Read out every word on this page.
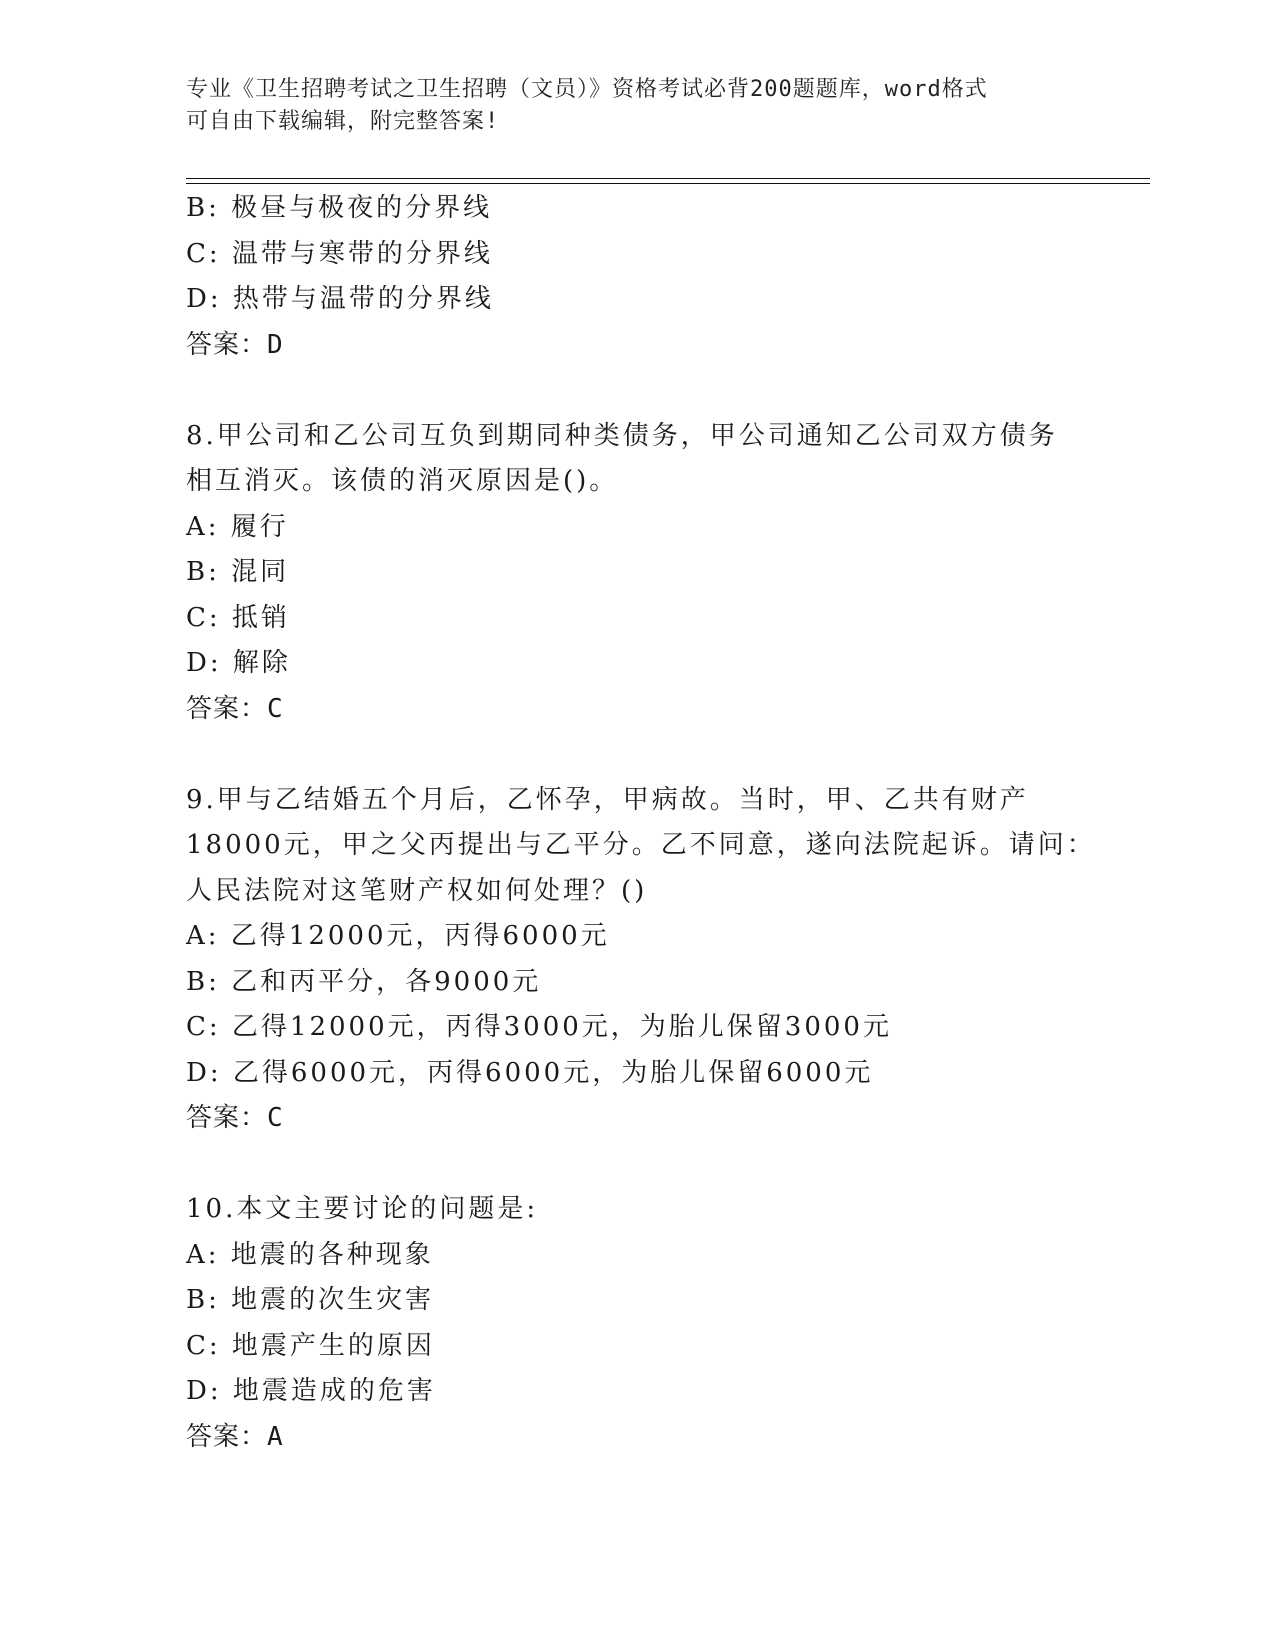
专业《卫生招聘考试之卫生招聘（文员）》资格考试必背200题题库，word格式
可自由下载编辑，附完整答案!
B: 极昼与极夜的分界线
C: 温带与寒带的分界线
D: 热带与温带的分界线
答案：D
8.甲公司和乙公司互负到期同种类债务，甲公司通知乙公司双方债务
相互消灭。该债的消灭原因是()。
A: 履行
B: 混同
C: 抵销
D: 解除
答案：C
9.甲与乙结婚五个月后，乙怀孕，甲病故。当时，甲、乙共有财产
18000元，甲之父丙提出与乙平分。乙不同意，遂向法院起诉。请问：
人民法院对这笔财产权如何处理？()
A: 乙得12000元，丙得6000元
B: 乙和丙平分，各9000元
C: 乙得12000元，丙得3000元，为胎儿保留3000元
D: 乙得6000元，丙得6000元，为胎儿保留6000元
答案：C
10.本文主要讨论的问题是:
A: 地震的各种现象
B: 地震的次生灾害
C: 地震产生的原因
D: 地震造成的危害
答案：A
